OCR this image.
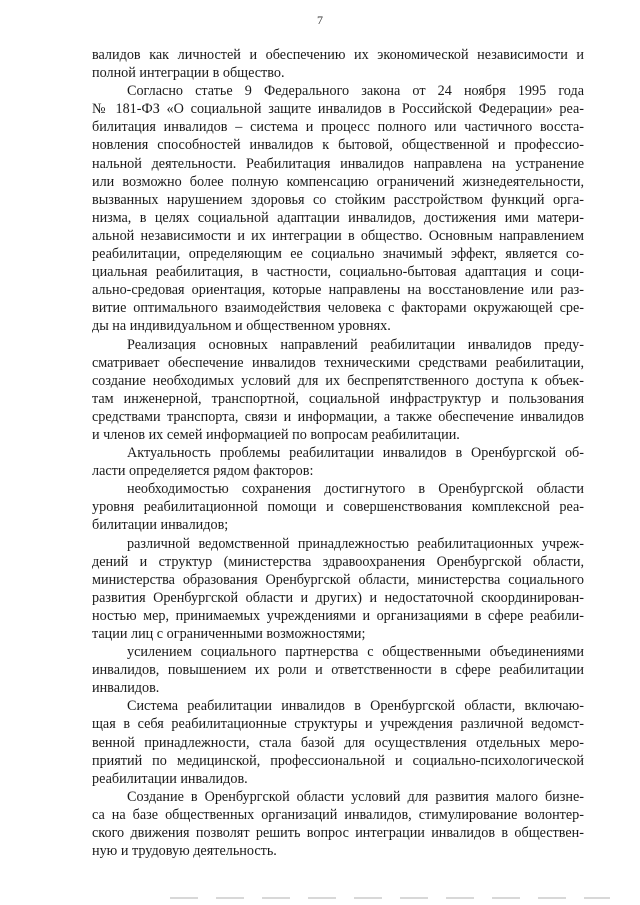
7
валидов как личностей и обеспечению их экономической независимости и
полной интеграции в общество.
Согласно статье 9 Федерального закона от 24 ноября 1995 года
№ 181-ФЗ «О социальной защите инвалидов в Российской Федерации» реа-
билитация инвалидов – система и процесс полного или частичного восста-
новления способностей инвалидов к бытовой, общественной и профессио-
нальной деятельности. Реабилитация инвалидов направлена на устранение
или возможно более полную компенсацию ограничений жизнедеятельности,
вызванных нарушением здоровья со стойким расстройством функций орга-
низма, в целях социальной адаптации инвалидов, достижения ими матери-
альной независимости и их интеграции в общество. Основным направлением
реабилитации, определяющим ее социально значимый эффект, является со-
циальная реабилитация, в частности, социально-бытовая адаптация и соци-
ально-средовая ориентация, которые направлены на восстановление или раз-
витие оптимального взаимодействия человека с факторами окружающей сре-
ды на индивидуальном и общественном уровнях.
Реализация основных направлений реабилитации инвалидов преду-
сматривает обеспечение инвалидов техническими средствами реабилитации,
создание необходимых условий для их беспрепятственного доступа к объек-
там инженерной, транспортной, социальной инфраструктур и пользования
средствами транспорта, связи и информации, а также обеспечение инвалидов
и членов их семей информацией по вопросам реабилитации.
Актуальность проблемы реабилитации инвалидов в Оренбургской об-
ласти определяется рядом факторов:
необходимостью сохранения достигнутого в Оренбургской области
уровня реабилитационной помощи и совершенствования комплексной реа-
билитации инвалидов;
различной ведомственной принадлежностью реабилитационных учреж-
дений и структур (министерства здравоохранения Оренбургской области,
министерства образования Оренбургской области, министерства социального
развития Оренбургской области и других) и недостаточной скоординирован-
ностью мер, принимаемых учреждениями и организациями в сфере реабили-
тации лиц с ограниченными возможностями;
усилением социального партнерства с общественными объединениями
инвалидов, повышением их роли и ответственности в сфере реабилитации
инвалидов.
Система реабилитации инвалидов в Оренбургской области, включаю-
щая в себя реабилитационные структуры и учреждения различной ведомст-
венной принадлежности, стала базой для осуществления отдельных меро-
приятий по медицинской, профессиональной и социально-психологической
реабилитации инвалидов.
Создание в Оренбургской области условий для развития малого бизне-
са на базе общественных организаций инвалидов, стимулирование волонтер-
ского движения позволят решить вопрос интеграции инвалидов в обществен-
ную и трудовую деятельность.
